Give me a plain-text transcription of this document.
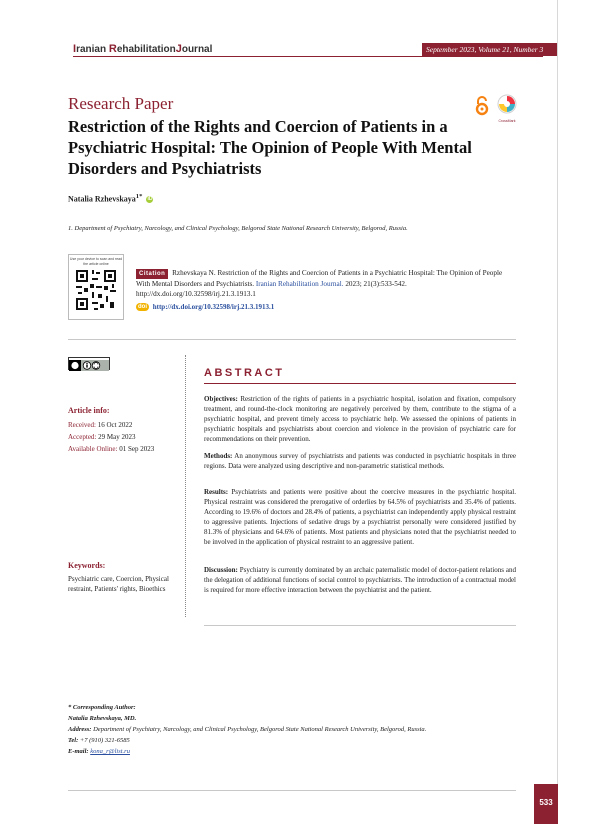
Iranian RehabilitationJournal	September 2023, Volume 21, Number 3
Research Paper
CrossMark
Restriction of the Rights and Coercion of Patients in a Psychiatric Hospital: The Opinion of People With Mental Disorders and Psychiatrists
Natalia Rzhevskaya$^{1*}$ iD
1. Department of Psychiatry, Narcology, and Clinical Psychology, Belgorod State National Research University, Belgorod, Russia.
Use your device to scan and read the article online
Citation Rzhevskaya N. Restriction of the Rights and Coercion of Patients in a Psychiatric Hospital: The Opinion of People With Mental Disorders and Psychiatrists. Iranian Rehabilitation Journal. 2023; 21(3):533-542. http://dx.doi.org/10.32598/irj.21.3.1913.1
doi http://dx.doi.org/10.32598/irj.21.3.1913.1
Article info:
Received: 16 Oct 2022
Accepted: 29 May 2023
Available Online: 01 Sep 2023
Keywords:
Psychiatric care, Coercion, Physical restraint, Patients' rights, Bioethics
ABSTRACT
Objectives: Restriction of the rights of patients in a psychiatric hospital, isolation and fixation, compulsory treatment, and round-the-clock monitoring are negatively perceived by them, contribute to the stigma of a psychiatric hospital, and prevent timely access to psychiatric help. We assessed the opinions of patients in psychiatric hospitals and psychiatrists about coercion and violence in the provision of psychiatric care for recommendations on their prevention.
Methods: An anonymous survey of psychiatrists and patients was conducted in psychiatric hospitals in three regions. Data were analyzed using descriptive and non-parametric statistical methods.
Results: Psychiatrists and patients were positive about the coercive measures in the psychiatric hospital. Physical restraint was considered the prerogative of orderlies by 64.5% of psychiatrists and 35.4% of patients. According to 19.6% of doctors and 28.4% of patients, a psychiatrist can independently apply physical restraint to aggressive patients. Injections of sedative drugs by a psychiatrist personally were considered justified by 81.3% of physicians and 64.6% of patients. Most patients and physicians noted that the psychiatrist needed to be involved in the application of physical restraint to an aggressive patient.
Discussion: Psychiatry is currently dominated by an archaic paternalistic model of doctor-patient relations and the delegation of additional functions of social control to psychiatrists. The introduction of a contractual model is required for more effective interaction between the psychiatrist and the patient.
* Corresponding Author:
Natalia Rzhevskaya, MD.
Address: Department of Psychiatry, Narcology, and Clinical Psychology, Belgorod State National Research University, Belgorod, Russia.
Tel: +7 (910) 321-6585
E-mail: kona_r@list.ru
533
